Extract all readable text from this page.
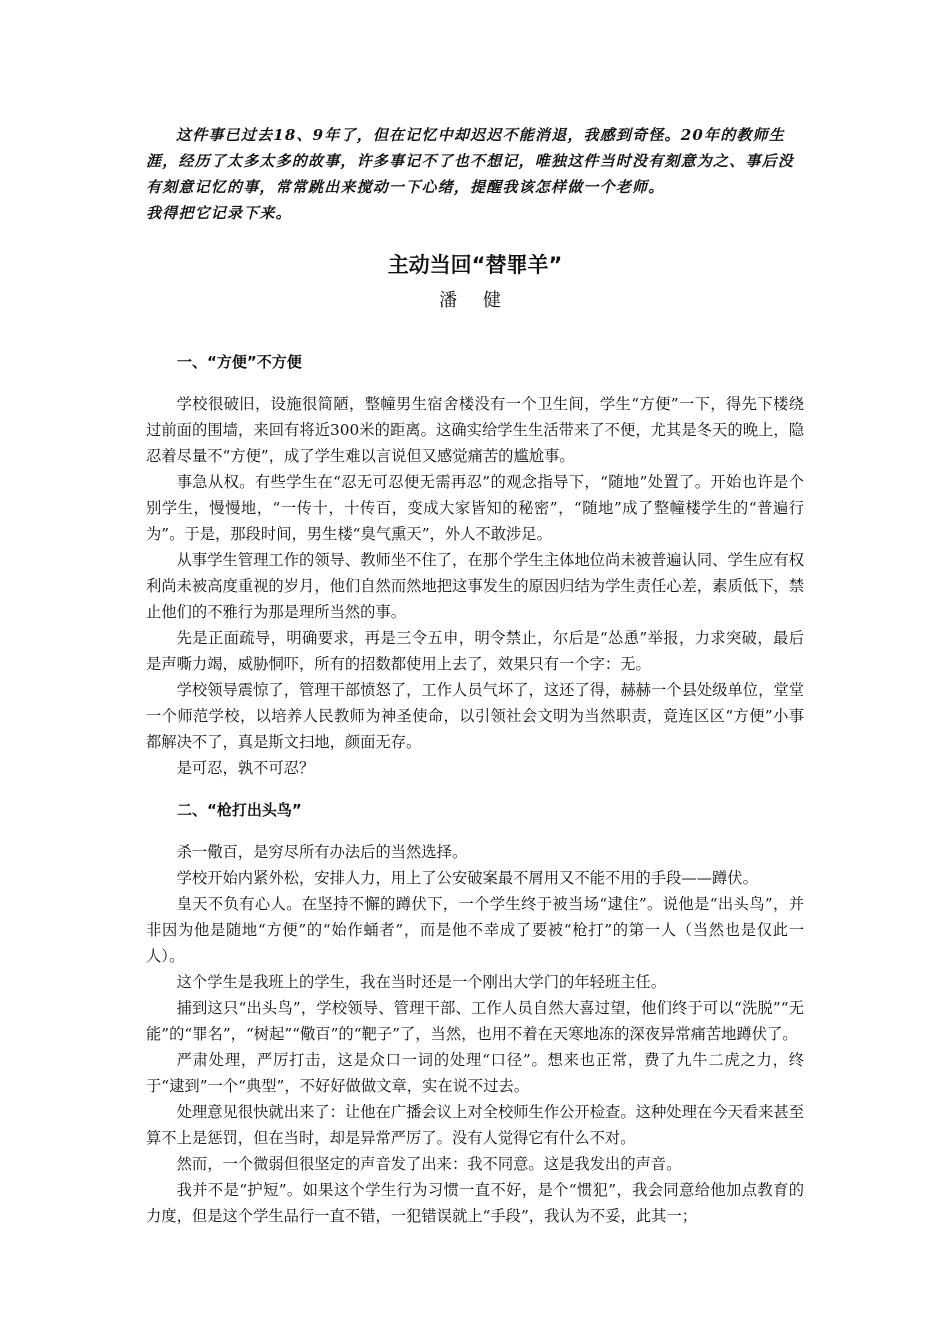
这件事已过去18、9年了，但在记忆中却迟迟不能消退，我感到奇怪。20年的教师生涯，经历了太多太多的故事，许多事记不了也不想记，唯独这件当时没有刻意为之、事后没有刻意记忆的事，常常跳出来搅动一下心绪，提醒我该怎样做一个老师。

我得把它记录下来。

主动当回“替罪羊”
潘 健
一、“方便”不方便

学校很破旧，设施很简陋，整幢男生宿舍楼没有一个卫生间，学生“方便”一下，得先下楼绕过前面的围墙，来回有将近300米的距离。这确实给学生生活带来了不便，尤其是冬天的晚上，隐忍着尽量不“方便”，成了学生难以言说但又感觉痛苦的尴尬事。

事急从权。有些学生在“忍无可忍便无需再忍”的观念指导下，“随地”处置了。开始也许是个别学生，慢慢地，“一传十，十传百，变成大家皆知的秘密”，“随地”成了整幢楼学生的“普遍行为”。于是，那段时间，男生楼“臭气熏天”，外人不敢涉足。

从事学生管理工作的领导、教师坐不住了，在那个学生主体地位尚未被普遍认同、学生应有权利尚未被高度重视的岁月，他们自然而然地把这事发生的原因归结为学生责任心差，素质低下，禁止他们的不雅行为那是理所当然的事。

先是正面疏导，明确要求，再是三令五申，明令禁止，尔后是“怂恿”举报，力求突破，最后是声嘶力竭，威胁恫吓，所有的招数都使用上去了，效果只有一个字：无。

学校领导震惊了，管理干部愤怒了，工作人员气坏了，这还了得，赫赫一个县处级单位，堂堂一个师范学校，以培养人民教师为神圣使命，以引领社会文明为当然职责，竟连区区“方便”小事都解决不了，真是斯文扫地，颜面无存。

是可忍，孰不可忍？

二、“枪打出头鸟”

杀一儆百，是穷尽所有办法后的当然选择。

学校开始内紧外松，安排人力，用上了公安破案最不屑用又不能不用的手段——蹲伏。

皇天不负有心人。在坚持不懈的蹲伏下，一个学生终于被当场“逮住”。说他是“出头鸟”，并非因为他是随地“方便”的“始作蛹者”，而是他不幸成了要被“枪打”的第一人（当然也是仅此一人）。

这个学生是我班上的学生，我在当时还是一个刚出大学门的年轻班主任。

捕到这只“出头鸟”，学校领导、管理干部、工作人员自然大喜过望，他们终于可以“洗脱”“无能”的“罪名”，“树起”“儆百”的“靶子”了，当然，也用不着在天寒地冻的深夜异常痛苦地蹲伏了。

严肃处理，严厉打击，这是众口一词的处理“口径”。想来也正常，费了九牛二虎之力，终于“逮到”一个“典型”，不好好做做文章，实在说不过去。

处理意见很快就出来了：让他在广播会议上对全校师生作公开检查。这种处理在今天看来甚至算不上是惩罚，但在当时，却是异常严厉了。没有人觉得它有什么不对。

然而，一个微弱但很坚定的声音发了出来：我不同意。这是我发出的声音。

我并不是“护短”。如果这个学生行为习惯一直不好，是个“惯犯”，我会同意给他加点教育的力度，但是这个学生品行一直不错，一犯错误就上“手段”，我认为不妥，此其一；
